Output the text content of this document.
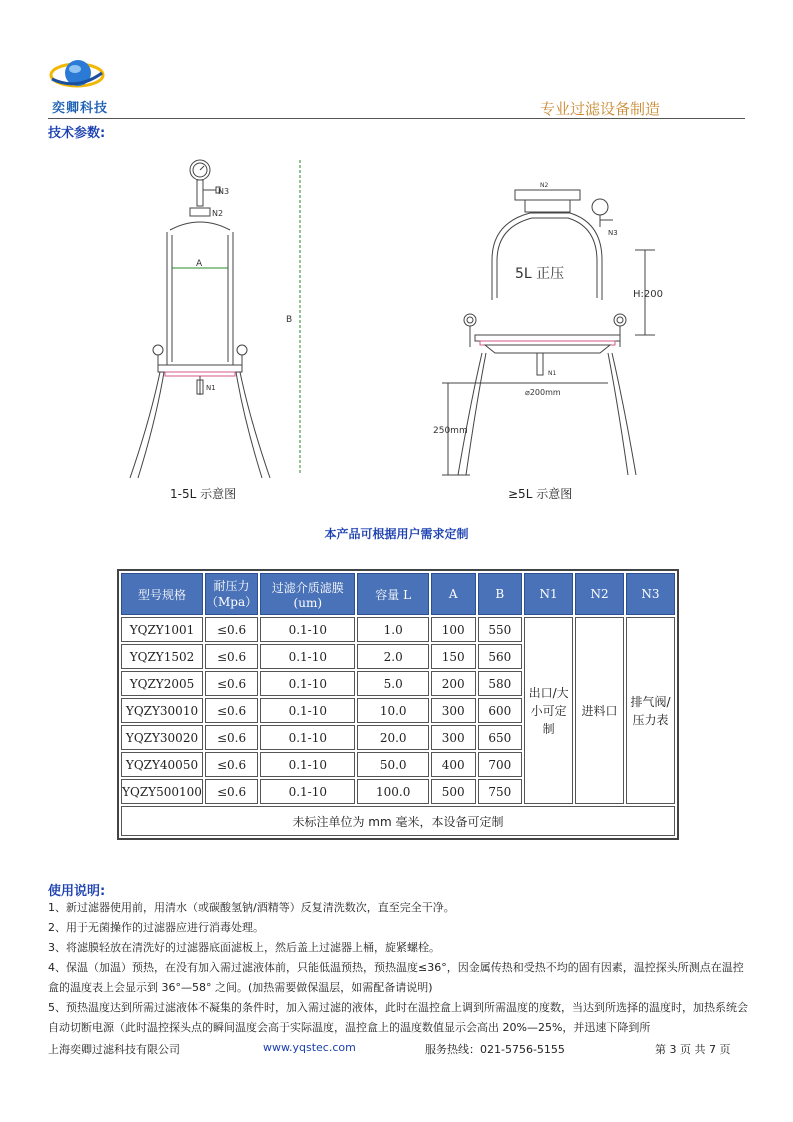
奕卿科技	专业过滤设备制造
技术参数:
N3
N2
A
B
N1
1-5L 示意图
N2
N3
5L 正压
H:200
N1
⌀200mm
250mm
≥5L 示意图
本产品可根据用户需求定制
型号规格	耐压力（Mpa）	过滤介质滤膜(um)	容量 L	A	B	N1	N2	N3
YQZY1001	≤0.6	0.1-10	1.0	100	550	出口/大小可定制	进料口	排气阀/压力表
YQZY1502	≤0.6	0.1-10	2.0	150	560			
YQZY2005	≤0.6	0.1-10	5.0	200	580			
YQZY30010	≤0.6	0.1-10	10.0	300	600			
YQZY30020	≤0.6	0.1-10	20.0	300	650			
YQZY40050	≤0.6	0.1-10	50.0	400	700			
YQZY500100	≤0.6	0.1-10	100.0	500	750			
未标注单位为 mm 毫米，本设备可定制								
使用说明:
1、新过滤器使用前，用清水（或碳酸氢钠/酒精等）反复清洗数次，直至完全干净。
2、用于无菌操作的过滤器应进行消毒处理。
3、将滤膜轻放在清洗好的过滤器底面滤板上，然后盖上过滤器上桶，旋紧螺栓。
4、保温（加温）预热，在没有加入需过滤液体前，只能低温预热，预热温度≤36°，因金属传热和受热不均的固有因素，温控探头所测点在温控盒的温度表上会显示到 36°—58° 之间。(加热需要做保温层，如需配备请说明)
5、预热温度达到所需过滤液体不凝集的条件时，加入需过滤的液体，此时在温控盒上调到所需温度的度数，当达到所选择的温度时，加热系统会自动切断电源（此时温控探头点的瞬间温度会高于实际温度，温控盒上的温度数值显示会高出 20%—25%，并迅速下降到所
上海奕卿过滤科技有限公司	www.yqstec.com	服务热线：021-5756-5155	第 3 页 共 7 页
